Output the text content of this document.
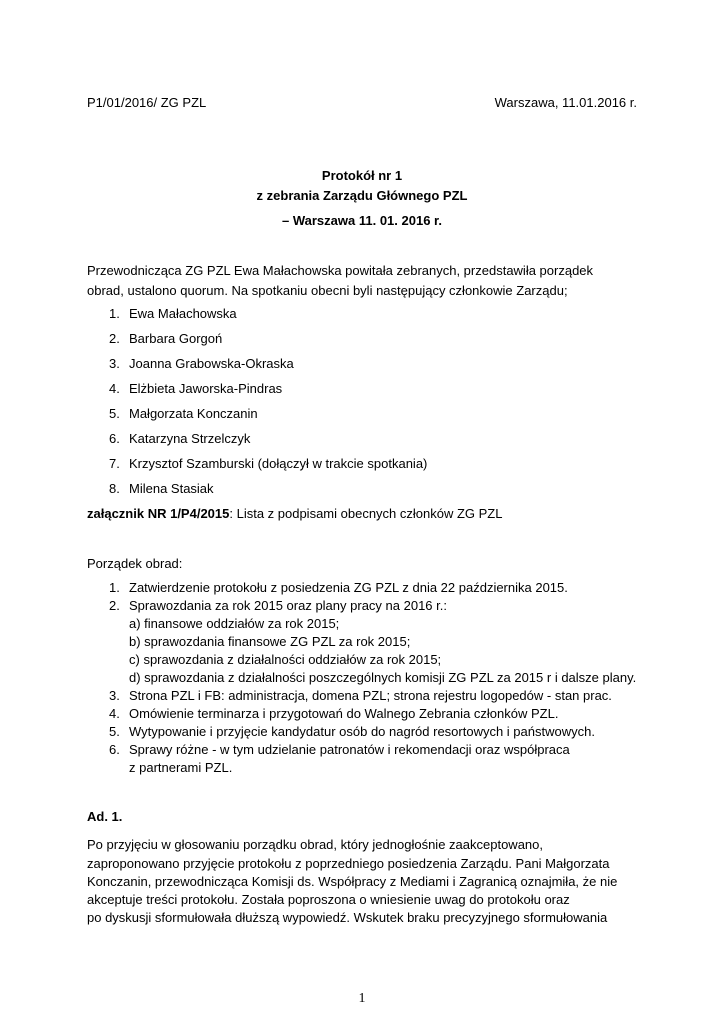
P1/01/2016/ ZG PZL	Warszawa, 11.01.2016 r.
Protokół nr 1
z zebrania Zarządu Głównego PZL
– Warszawa 11. 01. 2016 r.
Przewodnicząca ZG PZL Ewa Małachowska powitała zebranych, przedstawiła porządek
obrad, ustalono quorum. Na spotkaniu obecni byli następujący członkowie Zarządu;
1. Ewa Małachowska
2. Barbara Gorgoń
3. Joanna Grabowska-Okraska
4. Elżbieta Jaworska-Pindras
5. Małgorzata Konczanin
6. Katarzyna Strzelczyk
7. Krzysztof Szamburski (dołączył w trakcie spotkania)
8. Milena Stasiak
załącznik NR 1/P4/2015: Lista z podpisami obecnych członków ZG PZL
Porządek obrad:
1. Zatwierdzenie protokołu z posiedzenia ZG PZL z dnia 22 października 2015.
2. Sprawozdania za rok 2015 oraz plany pracy na 2016 r.:
a) finansowe oddziałów za rok 2015;
b) sprawozdania finansowe ZG PZL za rok 2015;
c) sprawozdania z działalności oddziałów za rok 2015;
d) sprawozdania z działalności poszczególnych komisji ZG PZL za 2015 r i dalsze plany.
3. Strona PZL i FB: administracja, domena PZL; strona rejestru logopedów - stan prac.
4. Omówienie terminarza i przygotowań do Walnego Zebrania członków PZL.
5. Wytypowanie i przyjęcie kandydatur osób do nagród resortowych i państwowych.
6. Sprawy różne - w tym udzielanie patronatów i rekomendacji oraz współpraca
z partnerami PZL.
Ad. 1.
Po przyjęciu w głosowaniu porządku obrad, który jednogłośnie zaakceptowano,
zaproponowano przyjęcie protokołu z poprzedniego posiedzenia Zarządu. Pani Małgorzata
Konczanin, przewodnicząca Komisji ds. Współpracy z Mediami i Zagranicą oznajmiła, że nie
akceptuje treści protokołu. Została poproszona o wniesienie uwag do protokołu oraz
po dyskusji sformułowała dłuższą wypowiedź. Wskutek braku precyzyjnego sformułowania
1
